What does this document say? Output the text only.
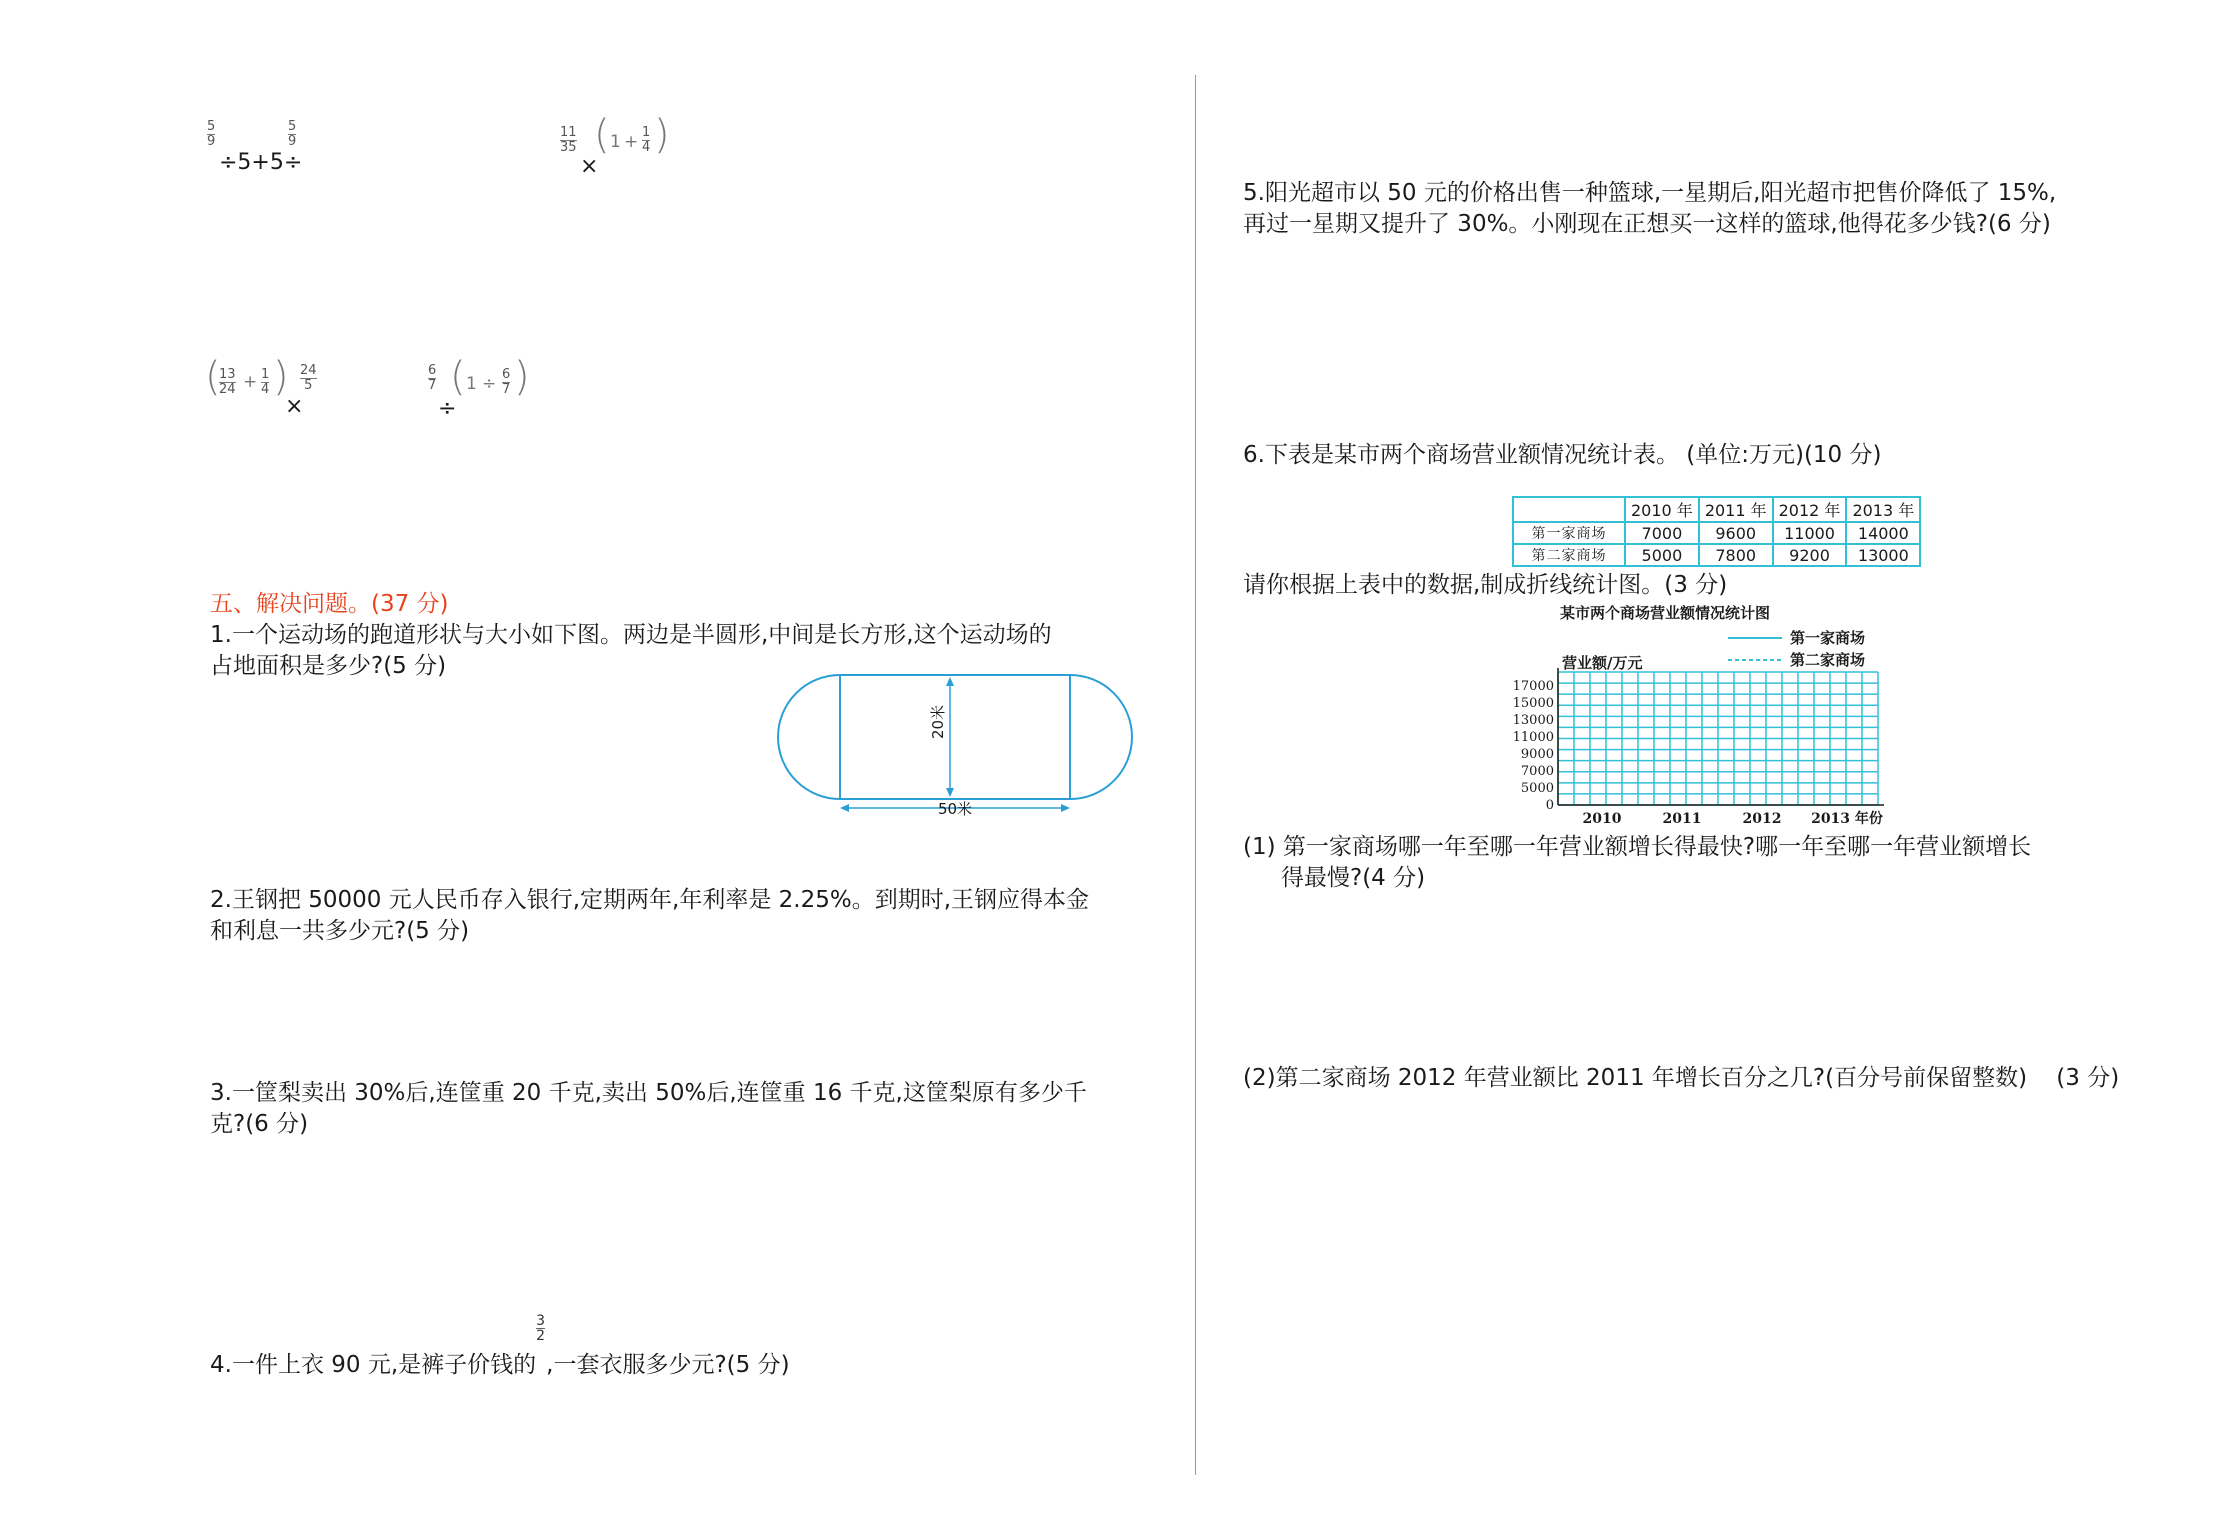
$\frac{5}{9}$
÷5+5÷
$\frac{5}{9}$	$\frac{11}{35}$
×
( $1 + \frac{1}{4}$ )
(
$\frac{13}{24} + \frac{1}{4}$ )
×
$\frac{24}{5}$	$\frac{6}{7}$
÷
( $1 \div \frac{6}{7}$ )
五、解决问题。(37 分)
1.一个运动场的跑道形状与大小如下图。两边是半圆形,中间是长方形,这个运动场的
占地面积是多少?(5 分)
20米
50米
2.王钢把 50000 元人民币存入银行,定期两年,年利率是 2.25%。到期时,王钢应得本金
和利息一共多少元?(5 分)
3.一筐梨卖出 30%后,连筐重 20 千克,卖出 50%后,连筐重 16 千克,这筐梨原有多少千
克?(6 分)
4.一件上衣 90 元,是裤子价钱的
$\frac{3}{2}$
,一套衣服多少元?(5 分)
5.阳光超市以 50 元的价格出售一种篮球,一星期后,阳光超市把售价降低了 15%,
再过一星期又提升了 30%。小刚现在正想买一这样的篮球,他得花多少钱?(6 分)
6.下表是某市两个商场营业额情况统计表。 (单位:万元)(10 分)
	2010 年	2011 年	2012 年	2013 年
第一家商场	7000	9600	11000	14000
第二家商场	5000	7800	9200	13000
请你根据上表中的数据,制成折线统计图。(3 分)
某市两个商场营业额情况统计图
第一家商场
第二家商场
营业额/万元
17000
15000
13000
11000
9000
7000
5000
0
2010	2011	2012 2013 年份
(1) 第一家商场哪一年至哪一年营业额增长得最快?哪一年至哪一年营业额增长
得最慢?(4 分)
(2)第二家商场 2012 年营业额比 2011 年增长百分之几?(百分号前保留整数)    (3 分)
